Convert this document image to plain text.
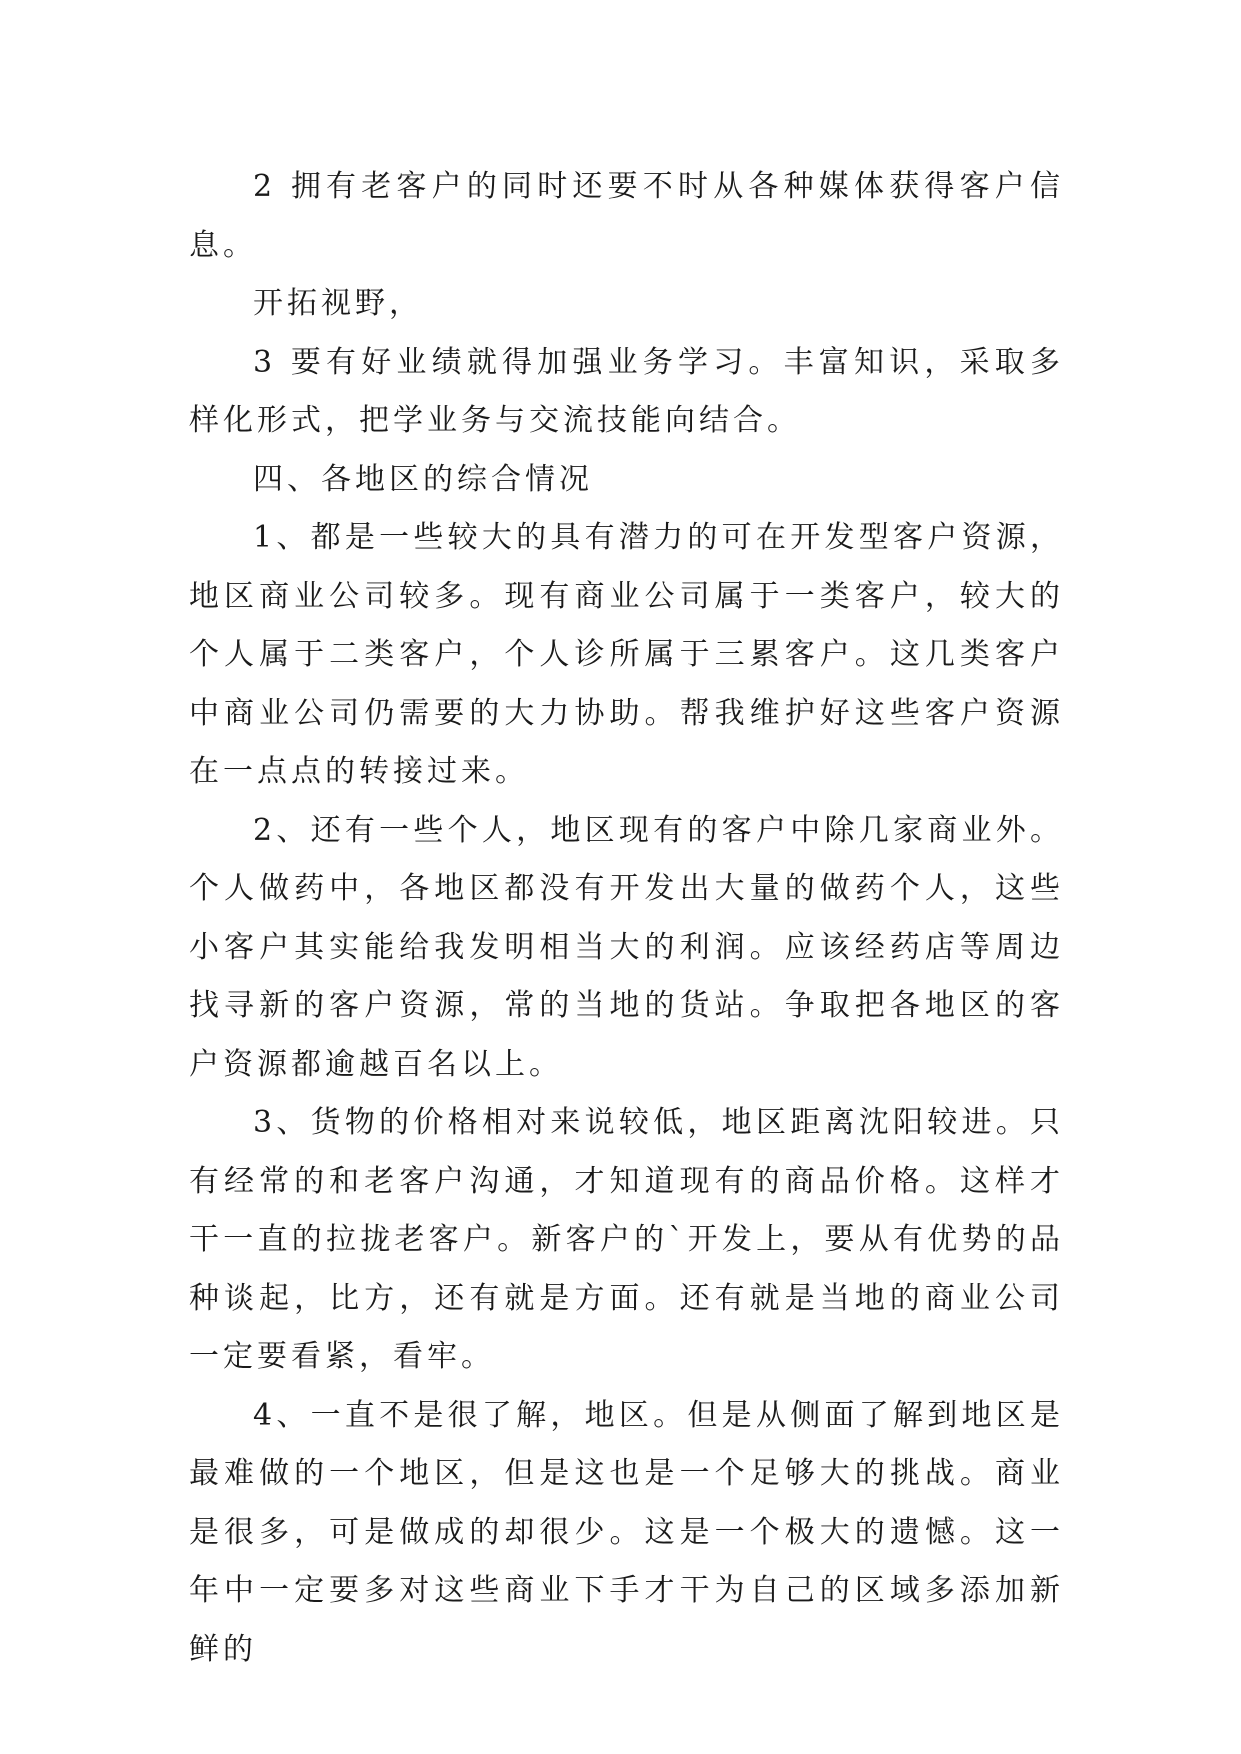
2 拥有老客户的同时还要不时从各种媒体获得客户信息。

开拓视野，

3 要有好业绩就得加强业务学习。丰富知识，采取多样化形式，把学业务与交流技能向结合。

四、各地区的综合情况

1、都是一些较大的具有潜力的可在开发型客户资源，地区商业公司较多。现有商业公司属于一类客户，较大的个人属于二类客户，个人诊所属于三累客户。这几类客户中商业公司仍需要的大力协助。帮我维护好这些客户资源在一点点的转接过来。

2、还有一些个人，地区现有的客户中除几家商业外。个人做药中，各地区都没有开发出大量的做药个人，这些小客户其实能给我发明相当大的利润。应该经药店等周边找寻新的客户资源，常的当地的货站。争取把各地区的客户资源都逾越百名以上。

3、货物的价格相对来说较低，地区距离沈阳较进。只有经常的和老客户沟通，才知道现有的商品价格。这样才干一直的拉拢老客户。新客户的`开发上，要从有优势的品种谈起，比方，还有就是方面。还有就是当地的商业公司一定要看紧，看牢。

4、一直不是很了解，地区。但是从侧面了解到地区是最难做的一个地区，但是这也是一个足够大的挑战。商业是很多，可是做成的却很少。这是一个极大的遗憾。这一年中一定要多对这些商业下手才干为自己的区域多添加新鲜的
